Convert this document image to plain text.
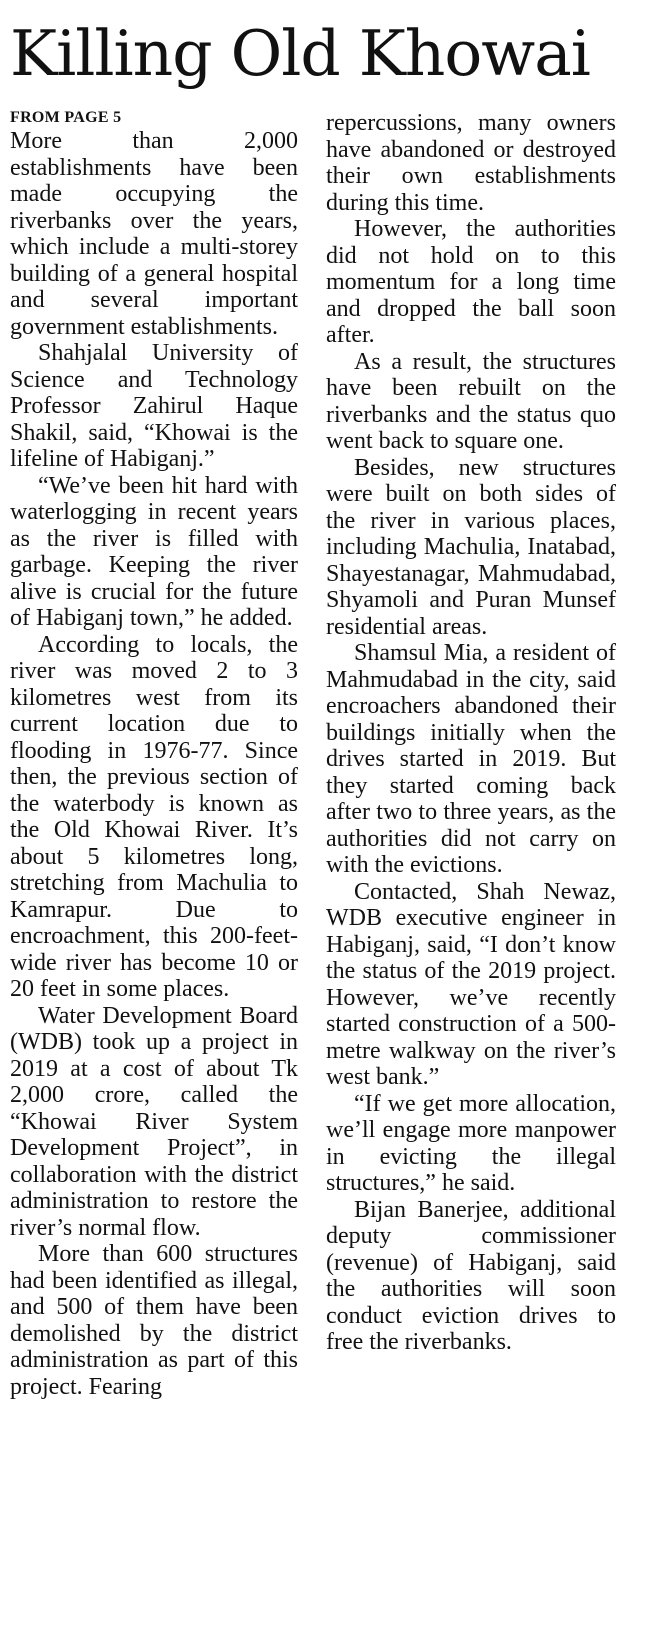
Killing Old Khowai

FROM PAGE 5

More than 2,000 establishments have been made occupying the riverbanks over the years, which include a multi-storey building of a general hospital and several important government establishments.

Shahjalal University of Science and Technology Professor Zahirul Haque Shakil, said, “Khowai is the lifeline of Habiganj.”

“We’ve been hit hard with waterlogging in recent years as the river is filled with garbage. Keeping the river alive is crucial for the future of Habiganj town,” he added.

According to locals, the river was moved 2 to 3 kilometres west from its current location due to flooding in 1976-77. Since then, the previous section of the waterbody is known as the Old Khowai River. It’s about 5 kilometres long, stretching from Machulia to Kamrapur. Due to encroachment, this 200-feet-wide river has become 10 or 20 feet in some places.

Water Development Board (WDB) took up a project in 2019 at a cost of about Tk 2,000 crore, called the “Khowai River System Development Project”, in collaboration with the district administration to restore the river’s normal flow.

More than 600 structures had been identified as illegal, and 500 of them have been demolished by the district administration as part of this project. Fearing

repercussions, many owners have abandoned or destroyed their own establishments during this time.

However, the authorities did not hold on to this momentum for a long time and dropped the ball soon after.

As a result, the structures have been rebuilt on the riverbanks and the status quo went back to square one.

Besides, new structures were built on both sides of the river in various places, including Machulia, Inatabad, Shayestanagar, Mahmudabad, Shyamoli and Puran Munsef residential areas.

Shamsul Mia, a resident of Mahmudabad in the city, said encroachers abandoned their buildings initially when the drives started in 2019. But they started coming back after two to three years, as the authorities did not carry on with the evictions.

Contacted, Shah Newaz, WDB executive engineer in Habiganj, said, “I don’t know the status of the 2019 project. However, we’ve recently started construction of a 500-metre walkway on the river’s west bank.”

“If we get more allocation, we’ll engage more manpower in evicting the illegal structures,” he said.

Bijan Banerjee, additional deputy commissioner (revenue) of Habiganj, said the authorities will soon conduct eviction drives to free the riverbanks.
